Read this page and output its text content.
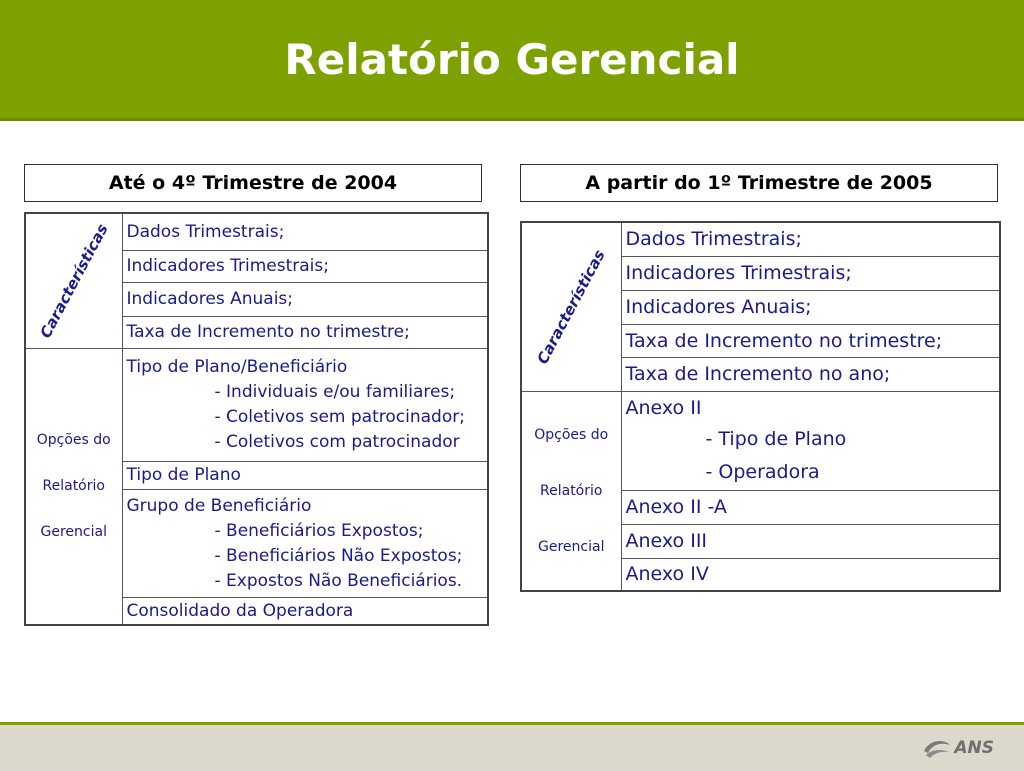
Relatório Gerencial
Até o 4º Trimestre de 2004
Características	Dados Trimestrais;
	Indicadores Trimestrais;
	Indicadores Anuais;
	Taxa de Incremento no trimestre;

Opções do
Relatório
Gerencial	Tipo de Plano/Beneficiário
- Individuais e/ou familiares;
- Coletivos sem patrocinador;
- Coletivos com patrocinador

	Tipo de Plano

	Grupo de Beneficiário
- Beneficiários Expostos;
- Beneficiários Não Expostos;
- Expostos Não Beneficiários.

	Consolidado da Operadora
A partir do 1º Trimestre de 2005
Características	Dados Trimestrais;
	Indicadores Trimestrais;
	Indicadores Anuais;
	Taxa de Incremento no trimestre;
	Taxa de Incremento no ano;

Opções do
Relatório
Gerencial	Anexo II
- Tipo de Plano
- Operadora

	Anexo II -A
	Anexo III
	Anexo IV
ANS
